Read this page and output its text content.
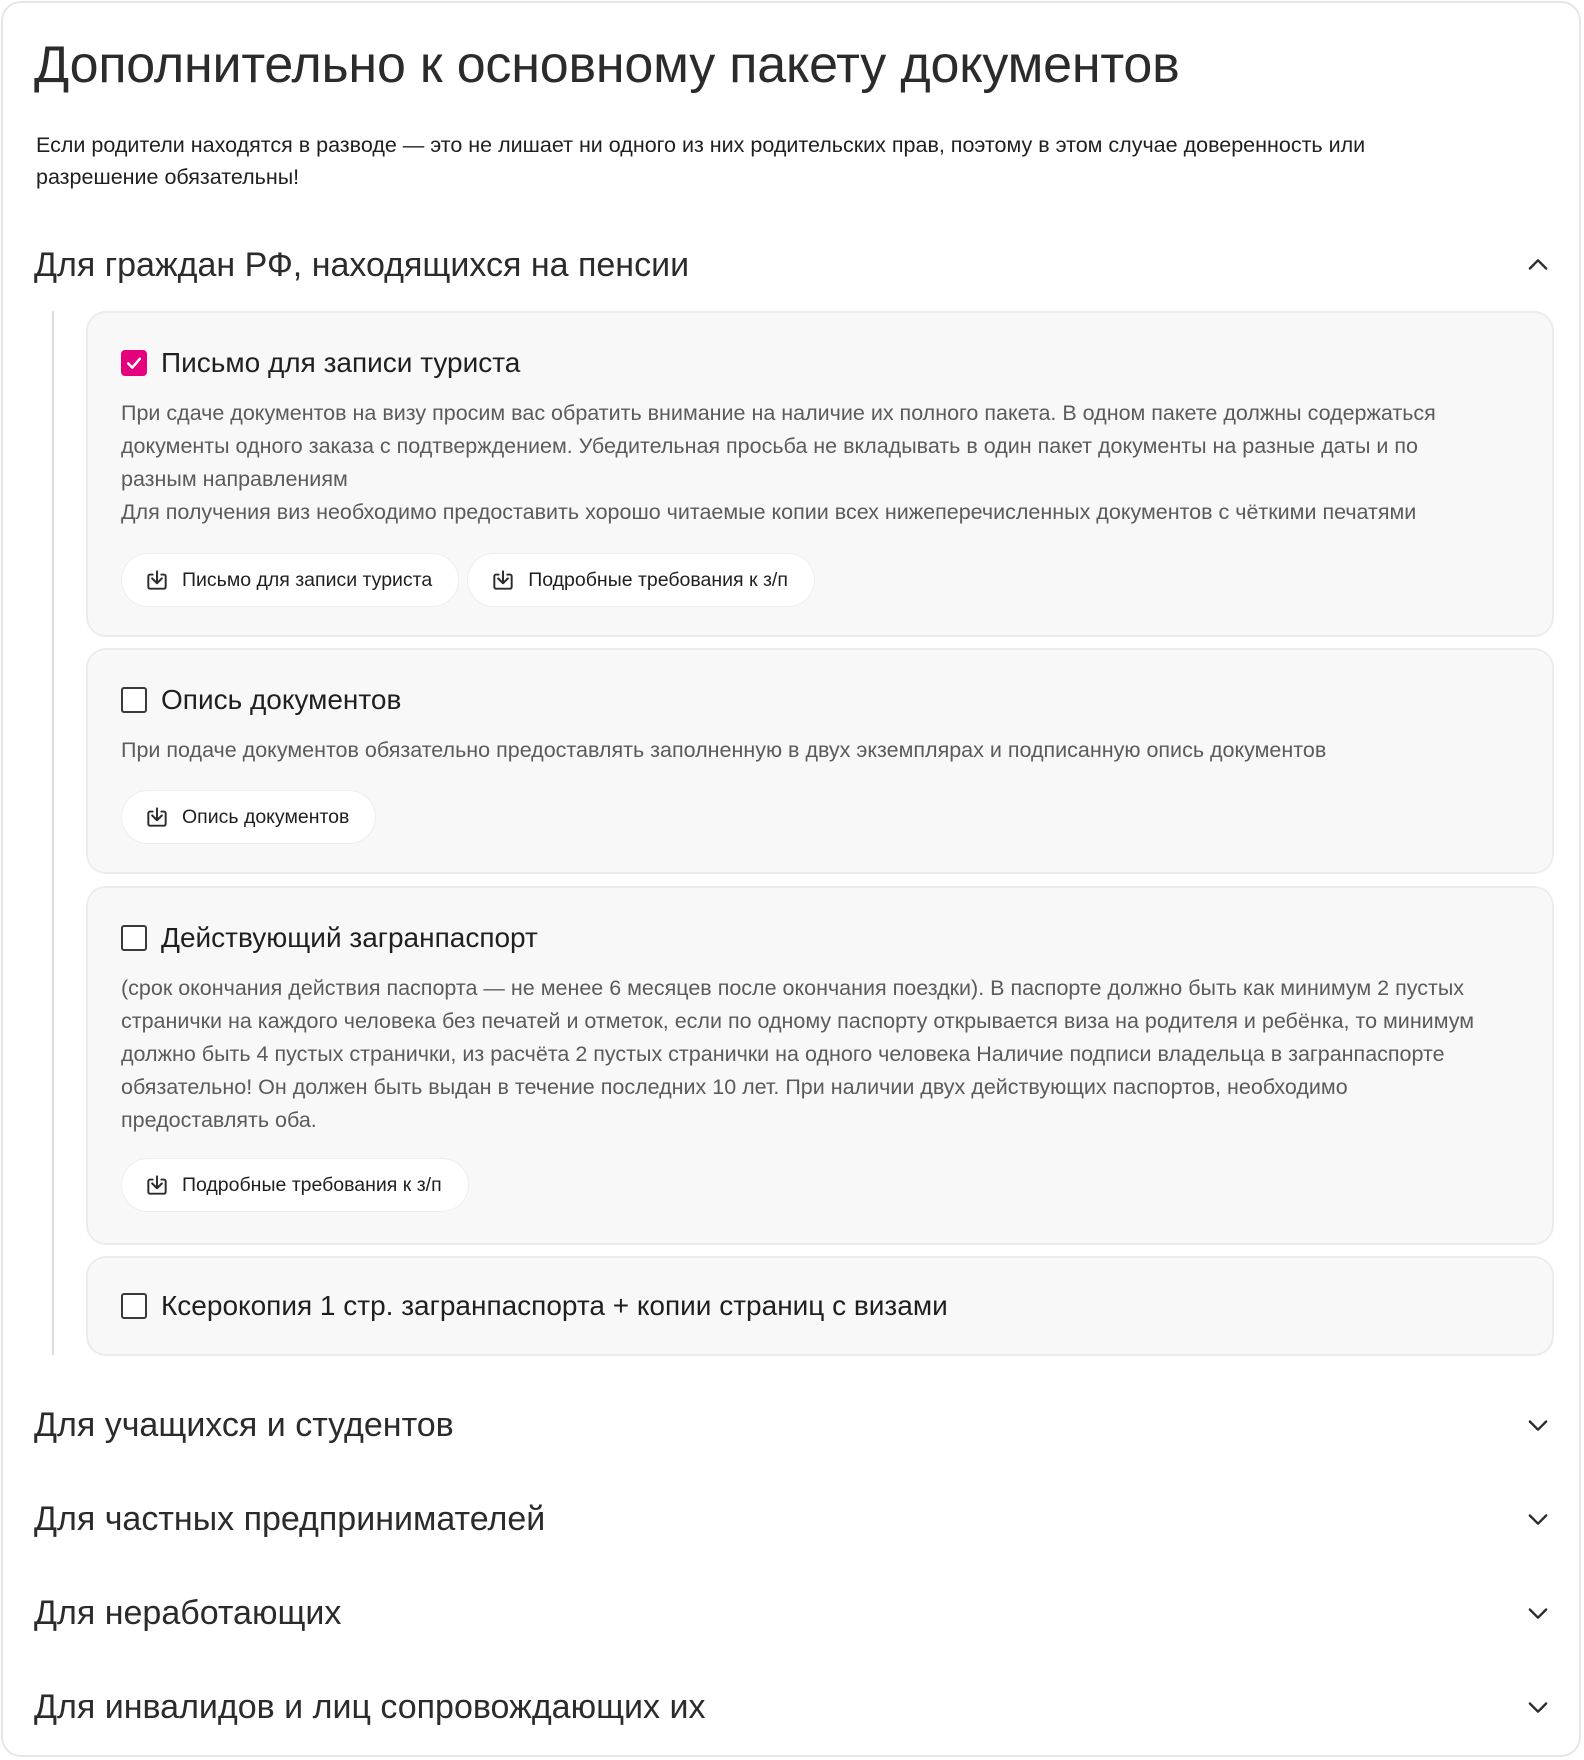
Дополнительно к основному пакету документов

Если родители находятся в разводе — это не лишает ни одного из них родительских прав, поэтому в этом случае доверенность или разрешение обязательны!

Для граждан РФ, находящихся на пенсии
Письмо для записи туриста
При сдаче документов на визу просим вас обратить внимание на наличие их полного пакета. В одном пакете должны содержаться документы одного заказа с подтверждением. Убедительная просьба не вкладывать в один пакет документы на разные даты и по разным направлениям
Для получения виз необходимо предоставить хорошо читаемые копии всех нижеперечисленных документов с чёткими печатями
Письмо для записи туриста	Подробные требования к з/п
Опись документов
При подаче документов обязательно предоставлять заполненную в двух экземплярах и подписанную опись документов
Опись документов
Действующий загранпаспорт
(срок окончания действия паспорта — не менее 6 месяцев после окончания поездки). В паспорте должно быть как минимум 2 пустых странички на каждого человека без печатей и отметок, если по одному паспорту открывается виза на родителя и ребёнка, то минимум должно быть 4 пустых странички, из расчёта 2 пустых странички на одного человека Наличие подписи владельца в загранпаспорте обязательно! Он должен быть выдан в течение последних 10 лет. При наличии двух действующих паспортов, необходимо предоставлять оба.
Подробные требования к з/п
Ксерокопия 1 стр. загранпаспорта + копии страниц с визами
Для учащихся и студентов
Для частных предпринимателей
Для неработающих
Для инвалидов и лиц сопровождающих их
